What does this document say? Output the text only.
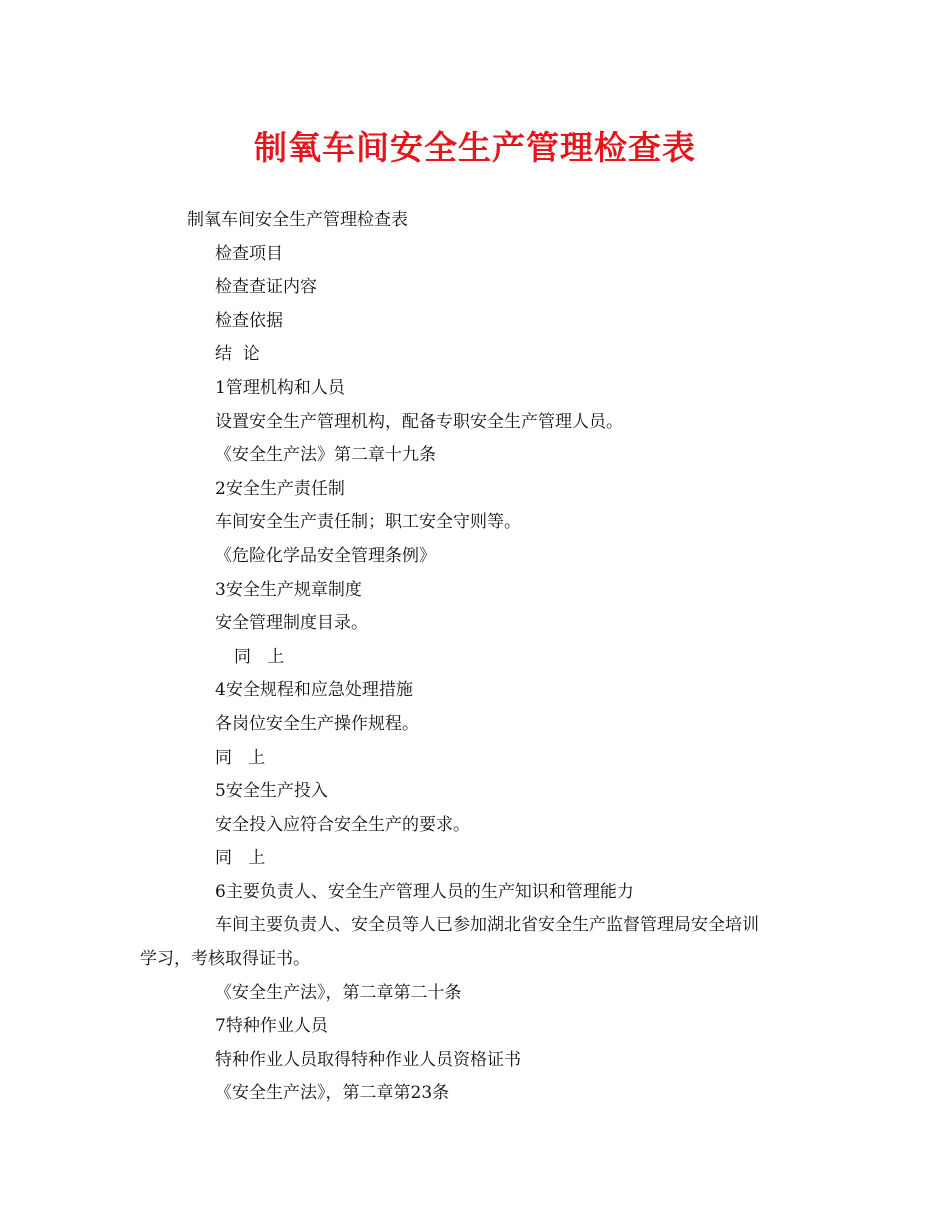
制氧车间安全生产管理检查表

制氧车间安全生产管理检查表

检查项目

检查查证内容

检查依据

结  论

1管理机构和人员

设置安全生产管理机构，配备专职安全生产管理人员。

《安全生产法》第二章十九条

2安全生产责任制

车间安全生产责任制；职工安全守则等。

《危险化学品安全管理条例》

3安全生产规章制度

安全管理制度目录。

同   上

4安全规程和应急处理措施

各岗位安全生产操作规程。

同   上

5安全生产投入

安全投入应符合安全生产的要求。

同   上

6主要负责人、安全生产管理人员的生产知识和管理能力

车间主要负责人、安全员等人已参加湖北省安全生产监督管理局安全培训

学习，考核取得证书。

《安全生产法》，第二章第二十条

7特种作业人员

特种作业人员取得特种作业人员资格证书

《安全生产法》，第二章第23条
